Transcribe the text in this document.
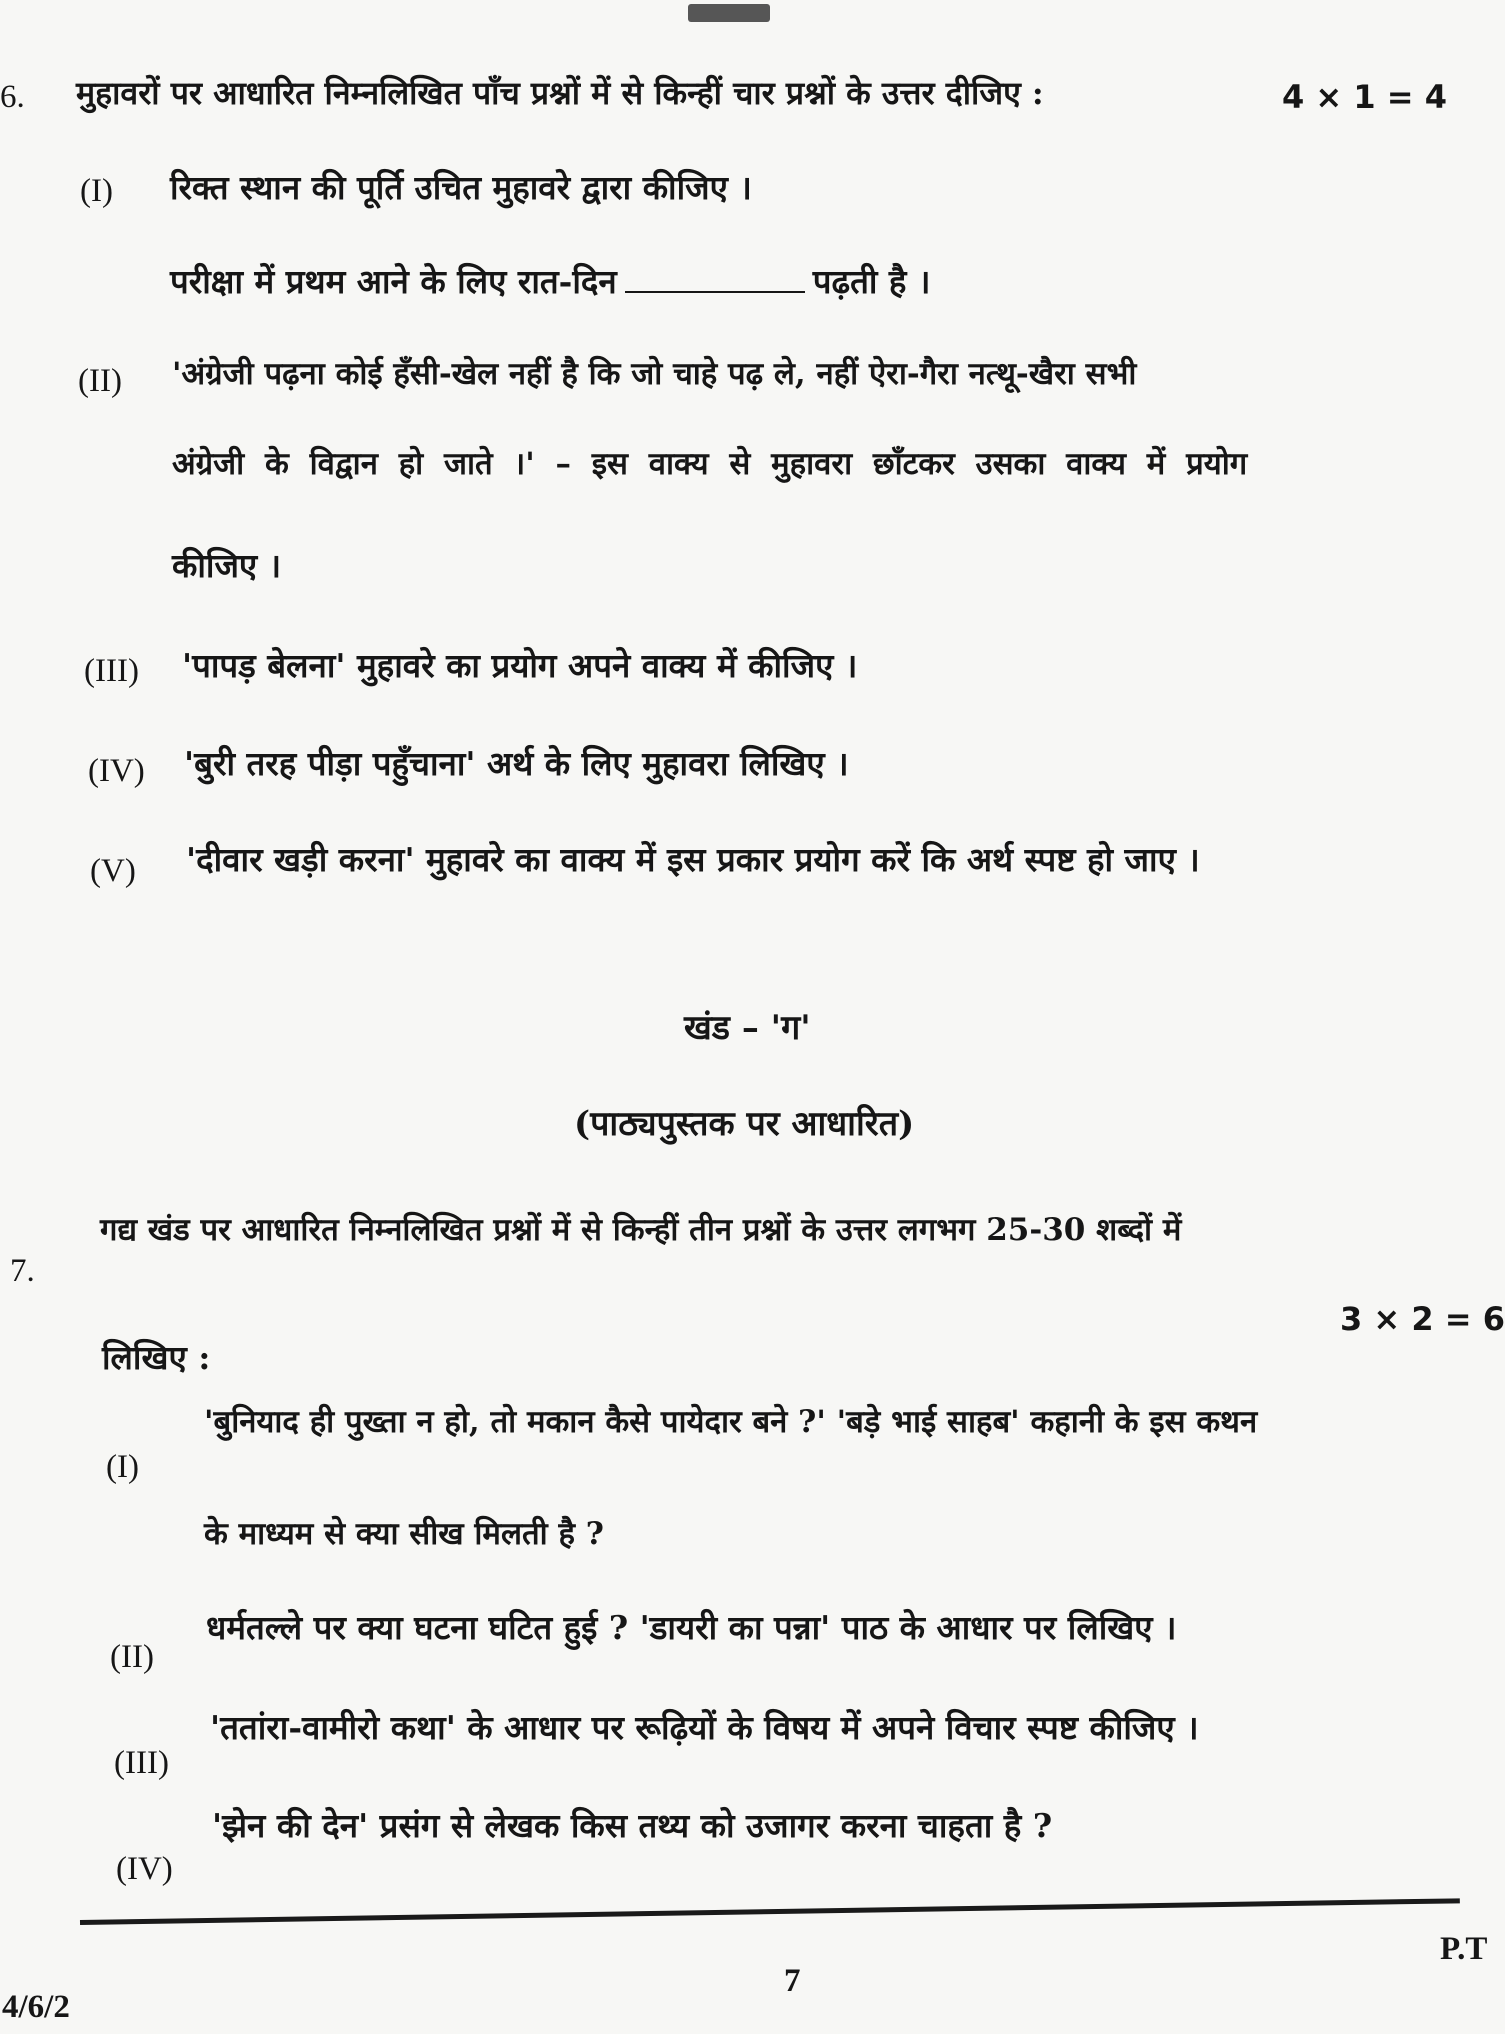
6. मुहावरों पर आधारित निम्नलिखित पाँच प्रश्नों में से किन्हीं चार प्रश्नों के उत्तर दीजिए :	4 × 1 = 4
(I) रिक्त स्थान की पूर्ति उचित मुहावरे द्वारा कीजिए ।
परीक्षा में प्रथम आने के लिए रात-दिन	पढ़ती है ।
(II) 'अंग्रेजी पढ़ना कोई हँसी-खेल नहीं है कि जो चाहे पढ़ ले, नहीं ऐरा-गैरा नत्थू-खैरा सभी
अंग्रेजी के विद्वान हो जाते ।' – इस वाक्य से मुहावरा छाँटकर उसका वाक्य में प्रयोग
कीजिए ।
(III) 'पापड़ बेलना' मुहावरे का प्रयोग अपने वाक्य में कीजिए ।
(IV) 'बुरी तरह पीड़ा पहुँचाना' अर्थ के लिए मुहावरा लिखिए ।
(V) 'दीवार खड़ी करना' मुहावरे का वाक्य में इस प्रकार प्रयोग करें कि अर्थ स्पष्ट हो जाए ।
खंड – 'ग'
(पाठ्यपुस्तक पर आधारित)
7.
गद्य खंड पर आधारित निम्नलिखित प्रश्नों में से किन्हीं तीन प्रश्नों के उत्तर लगभग 25-30 शब्दों में
3 × 2 = 6
लिखिए :
(I)
'बुनियाद ही पुख्ता न हो, तो मकान कैसे पायेदार बने ?' 'बड़े भाई साहब' कहानी के इस कथन
के माध्यम से क्या सीख मिलती है ?
(II)
धर्मतल्ले पर क्या घटना घटित हुई ? 'डायरी का पन्ना' पाठ के आधार पर लिखिए ।
(III)
'ततांरा-वामीरो कथा' के आधार पर रूढ़ियों के विषय में अपने विचार स्पष्ट कीजिए ।
(IV)
'झेन की देन' प्रसंग से लेखक किस तथ्य को उजागर करना चाहता है ?
7
P.T
4/6/2
